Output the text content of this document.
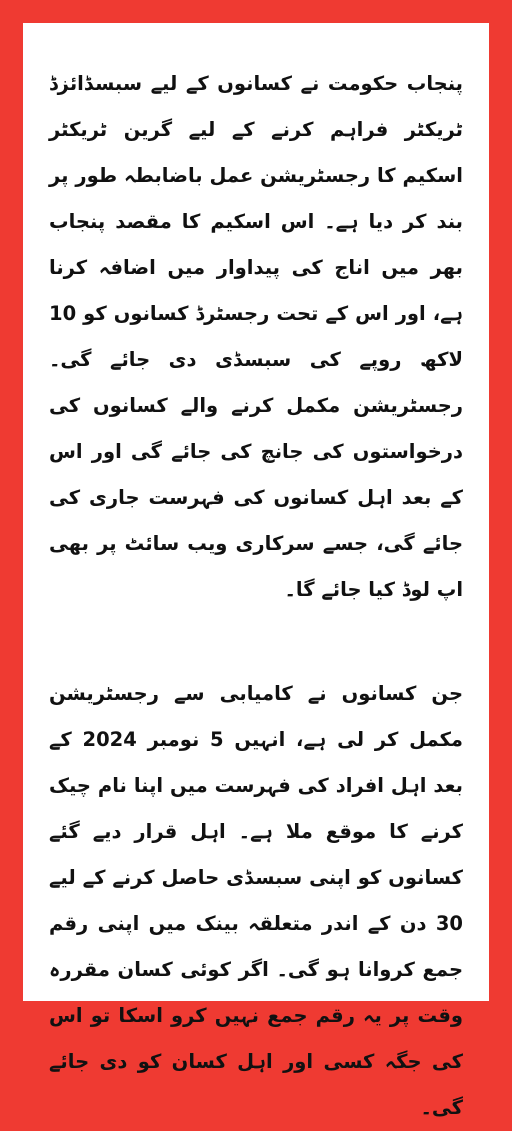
پنجاب حکومت نے کسانوں کے لیے سبسڈائزڈ ٹریکٹر فراہم کرنے کے لیے گرین ٹریکٹر اسکیم کا رجسٹریشن عمل باضابطہ طور پر بند کر دیا ہے۔ اس اسکیم کا مقصد پنجاب بھر میں اناج کی پیداوار میں اضافہ کرنا ہے، اور اس کے تحت رجسٹرڈ کسانوں کو 10 لاکھ روپے کی سبسڈی دی جائے گی۔ رجسٹریشن مکمل کرنے والے کسانوں کی درخواستوں کی جانچ کی جائے گی اور اس کے بعد اہل کسانوں کی فہرست جاری کی جائے گی، جسے سرکاری ویب سائٹ پر بھی اپ لوڈ کیا جائے گا۔

جن کسانوں نے کامیابی سے رجسٹریشن مکمل کر لی ہے، انہیں 5 نومبر 2024 کے بعد اہل افراد کی فہرست میں اپنا نام چیک کرنے کا موقع ملا ہے۔ اہل قرار دیے گئے کسانوں کو اپنی سبسڈی حاصل کرنے کے لیے 30 دن کے اندر متعلقہ بینک میں اپنی رقم جمع کروانا ہو گی۔ اگر کوئی کسان مقررہ وقت پر یہ رقم جمع نہیں کرو اسکا تو اس کی جگہ کسی اور اہل کسان کو دی جائے گی۔
